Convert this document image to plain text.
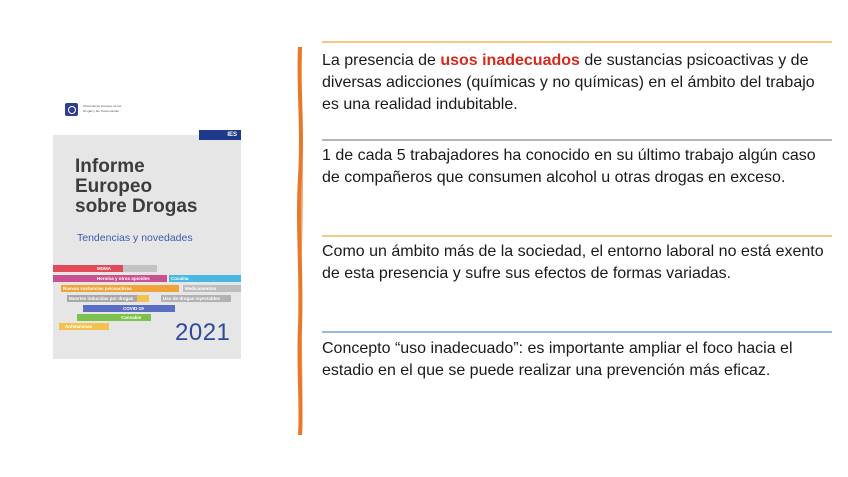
Observatorio Europeo de las
Drogas y las Toxicomanías
IES
Informe
Europeo
sobre Drogas
Tendencias y novedades
MDMA
Heroína y otros opioides	Cocaína
Nuevas sustancias psicoactivas	Medicamentos
Muertes inducidas por drogas	Uso de drogas inyectables
COVID-19
Cannabis
Anfetaminas	2021
La presencia de usos inadecuados de sustancias psicoactivas y de diversas adicciones (químicas y no químicas) en el ámbito del trabajo es una realidad indubitable.
1 de cada 5 trabajadores ha conocido en su último trabajo algún caso de compañeros que consumen alcohol u otras drogas en exceso.
Como un ámbito más de la sociedad, el entorno laboral no está exento de esta presencia y sufre sus efectos de formas variadas.
Concepto “uso inadecuado”: es importante ampliar el foco hacia el estadio en el que se puede realizar una prevención más eficaz.
